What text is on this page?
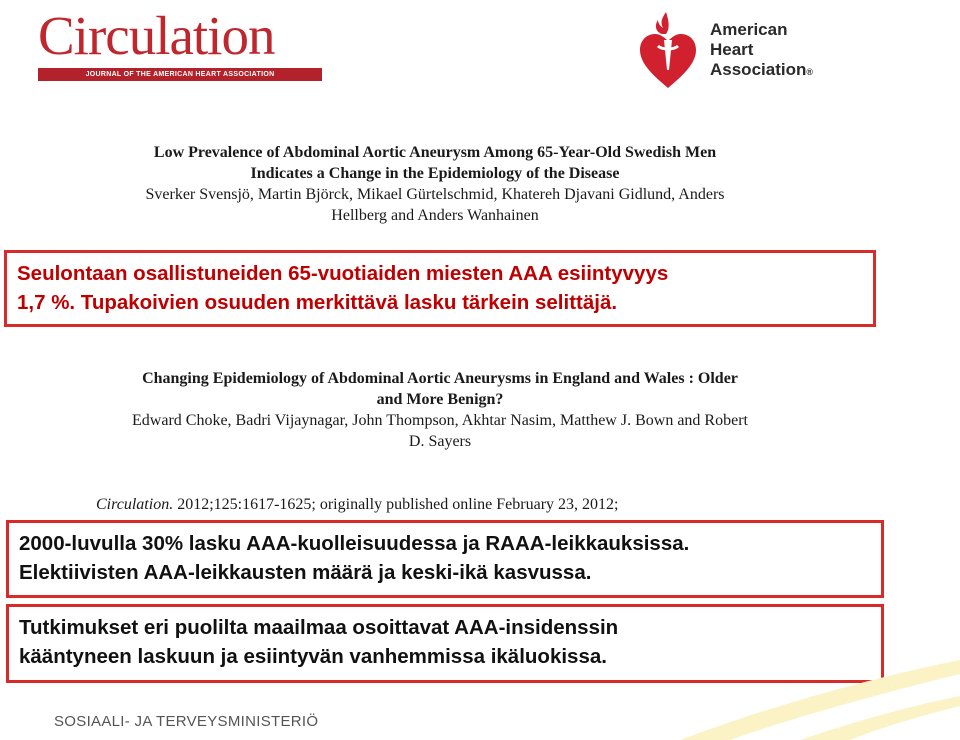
Circulation
JOURNAL OF THE AMERICAN HEART ASSOCIATION
American
Heart
Association®
Low Prevalence of Abdominal Aortic Aneurysm Among 65-Year-Old Swedish Men
Indicates a Change in the Epidemiology of the Disease
Sverker Svensjö, Martin Björck, Mikael Gürtelschmid, Khatereh Djavani Gidlund, Anders
Hellberg and Anders Wanhainen
Seulontaan osallistuneiden 65-vuotiaiden miesten AAA esiintyvyys
1,7 %. Tupakoivien osuuden merkittävä lasku tärkein selittäjä.
Changing Epidemiology of Abdominal Aortic Aneurysms in England and Wales : Older
and More Benign?
Edward Choke, Badri Vijaynagar, John Thompson, Akhtar Nasim, Matthew J. Bown and Robert
D. Sayers
Circulation. 2012;125:1617-1625; originally published online February 23, 2012;
2000-luvulla 30% lasku AAA-kuolleisuudessa ja RAAA-leikkauksissa.
Elektiivisten AAA-leikkausten määrä ja keski-ikä kasvussa.
Tutkimukset eri puolilta maailmaa osoittavat AAA-insidenssin
kääntyneen laskuun ja esiintyvän vanhemmissa ikäluokissa.
SOSIAALI- JA TERVEYSMINISTERIÖ
